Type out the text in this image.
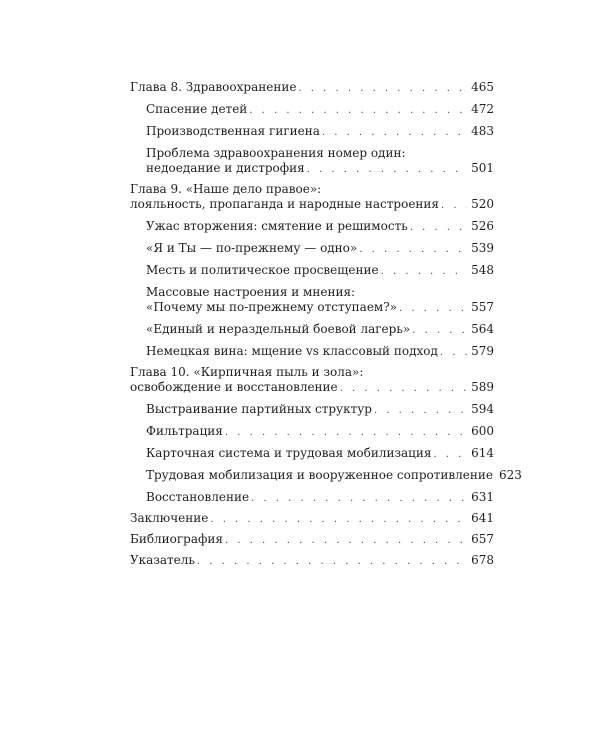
Глава 8. Здравоохранение . . .	465
Спасение детей . . .	472
Производственная гигиена . . .	483
Проблема здравоохранения номер один:
недоедание и дистрофия . . .	501
Глава 9. «Наше дело правое»:
лояльность, пропаганда и народные настроения . . .	520
Ужас вторжения: смятение и решимость . . .	526
«Я и Ты — по-прежнему — одно» . . .	539
Месть и политическое просвещение . . .	548
Массовые настроения и мнения:
«Почему мы по-прежнему отступаем?» . . .	557
«Единый и нераздельный боевой лагерь» . . .	564
Немецкая вина: мщение vs классовый подход . . .	579
Глава 10. «Кирпичная пыль и зола»:
освобождение и восстановление . . .	589
Выстраивание партийных структур . . .	594
Фильтрация . . .	600
Карточная система и трудовая мобилизация . . .	614
Трудовая мобилизация и вооруженное сопротивление 623
Восстановление . . .	631
Заключение . . .	641
Библиография . . .	657
Указатель . . .	678
